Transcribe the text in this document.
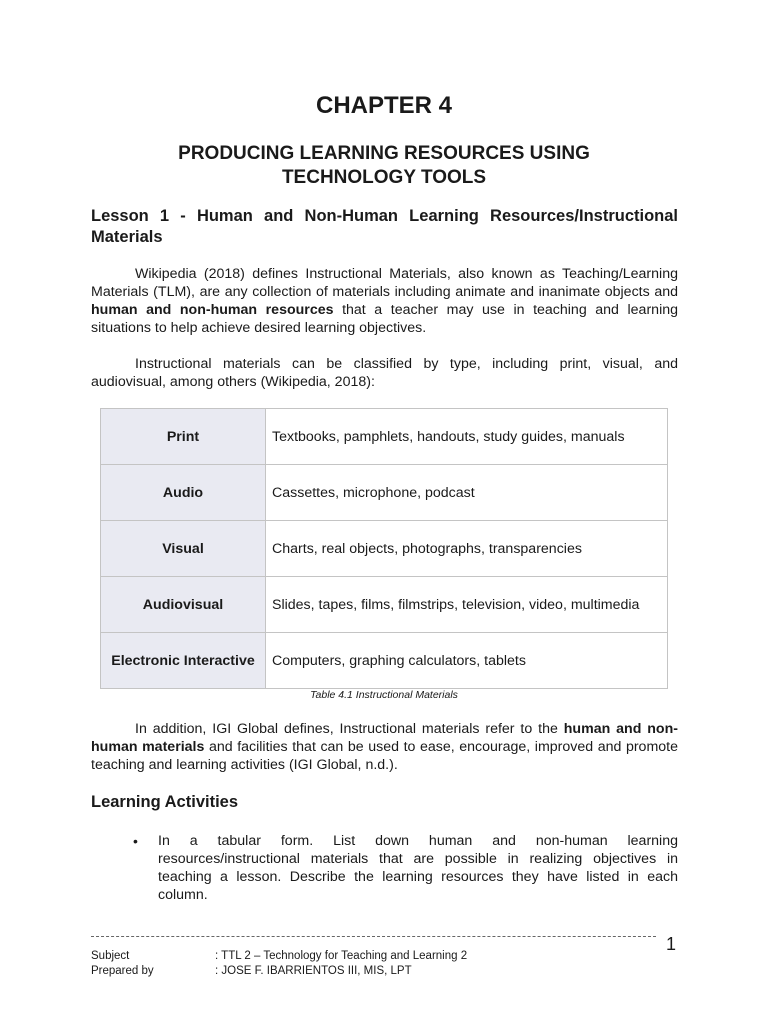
CHAPTER 4
PRODUCING LEARNING RESOURCES USING
TECHNOLOGY TOOLS
Lesson 1 - Human and Non-Human Learning Resources/Instructional Materials

Wikipedia (2018) defines Instructional Materials, also known as Teaching/Learning Materials (TLM), are any collection of materials including animate and inanimate objects and human and non-human resources that a teacher may use in teaching and learning situations to help achieve desired learning objectives.

Instructional materials can be classified by type, including print, visual, and audiovisual, among others (Wikipedia, 2018):

Print	Textbooks, pamphlets, handouts, study guides, manuals
Audio	Cassettes, microphone, podcast
Visual	Charts, real objects, photographs, transparencies
Audiovisual	Slides, tapes, films, filmstrips, television, video, multimedia
Electronic Interactive	Computers, graphing calculators, tablets

Table 4.1 Instructional Materials

In addition, IGI Global defines, Instructional materials refer to the human and non-human materials and facilities that can be used to ease, encourage, improved and promote teaching and learning activities (IGI Global, n.d.).

Learning Activities
• In a tabular form. List down human and non-human learning resources/instructional materials that are possible in realizing objectives in teaching a lesson. Describe the learning resources they have listed in each column.
1
Subject	: TTL 2 – Technology for Teaching and Learning 2
Prepared by	: JOSE F. IBARRIENTOS III, MIS, LPT
